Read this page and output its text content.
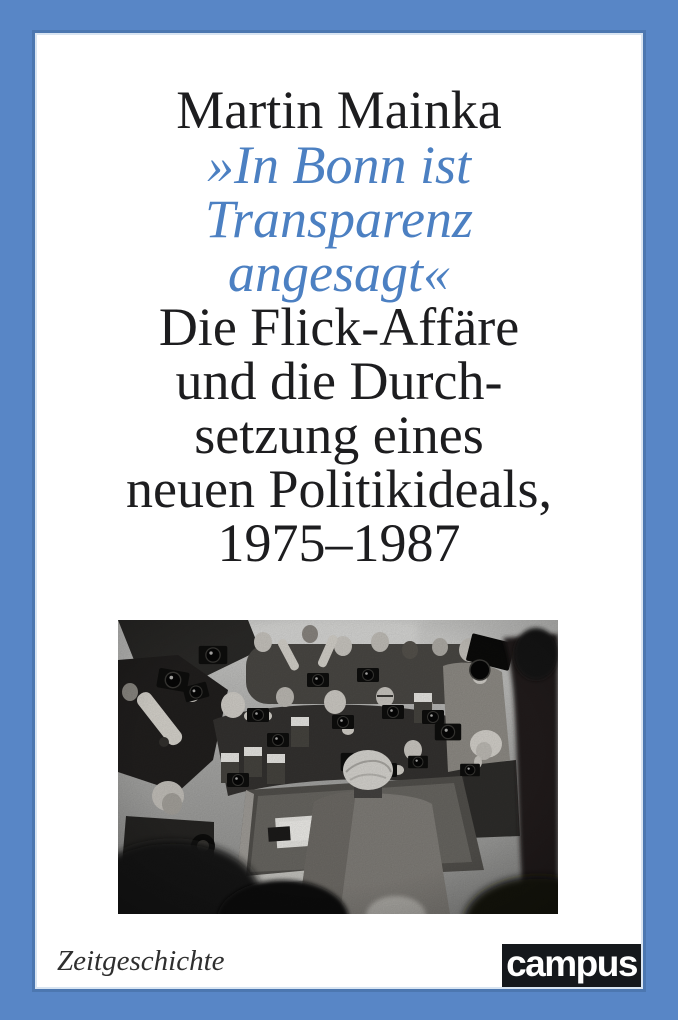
Martin Mainka
»In Bonn ist
Transparenz
angesagt«
Die Flick-Affäre
und die Durch-
setzung eines
neuen Politikideals,
1975–1987
Zeitgeschichte	campus
